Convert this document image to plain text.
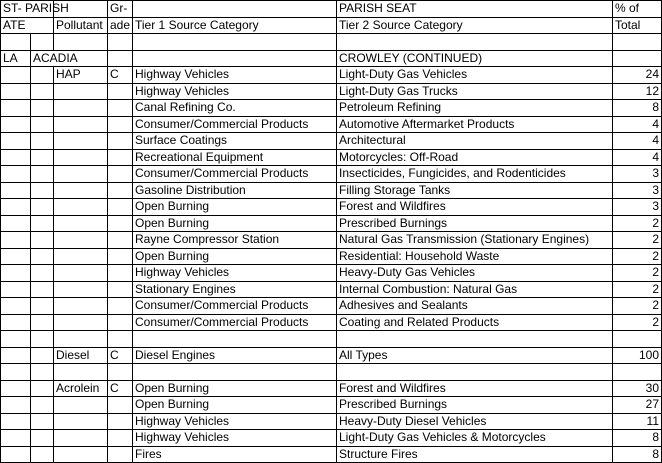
ST- PARISH			Gr-		PARISH SEAT	% of
ATE		Pollutant	ade	Tier 1 Source Category	Tier 2 Source Category	Total

LA	ACADIA				CROWLEY (CONTINUED)	
		HAP	C	Highway Vehicles	Light-Duty Gas Vehicles	24
				Highway Vehicles	Light-Duty Gas Trucks	12
				Canal Refining Co.	Petroleum Refining	8
				Consumer/Commercial Products	Automotive Aftermarket Products	4
				Surface Coatings	Architectural	4
				Recreational Equipment	Motorcycles: Off-Road	4
				Consumer/Commercial Products	Insecticides, Fungicides, and Rodenticides	3
				Gasoline Distribution	Filling Storage Tanks	3
				Open Burning	Forest and Wildfires	3
				Open Burning	Prescribed Burnings	2
				Rayne Compressor Station	Natural Gas Transmission (Stationary Engines)	2
				Open Burning	Residential: Household Waste	2
				Highway Vehicles	Heavy-Duty Gas Vehicles	2
				Stationary Engines	Internal Combustion: Natural Gas	2
				Consumer/Commercial Products	Adhesives and Sealants	2
				Consumer/Commercial Products	Coating and Related Products	2

		Diesel	C	Diesel Engines	All Types	100

		Acrolein	C	Open Burning	Forest and Wildfires	30
				Open Burning	Prescribed Burnings	27
				Highway Vehicles	Heavy-Duty Diesel Vehicles	11
				Highway Vehicles	Light-Duty Gas Vehicles & Motorcycles	8
				Fires	Structure Fires	8
